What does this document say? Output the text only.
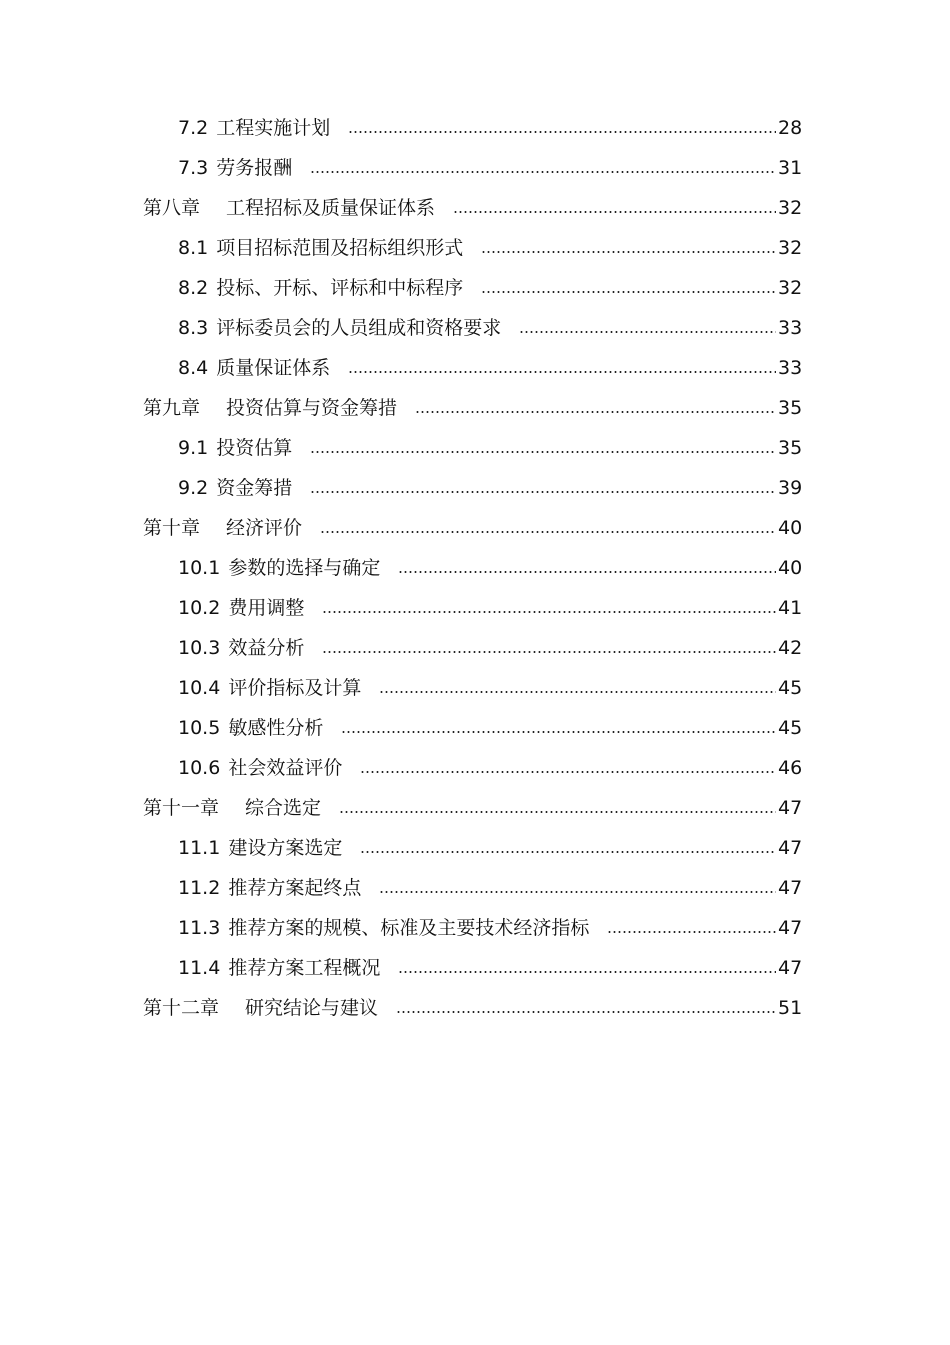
7.2 工程实施计划	28
7.3 劳务报酬	31
第八章 工程招标及质量保证体系	32
8.1 项目招标范围及招标组织形式	32
8.2 投标、开标、评标和中标程序	32
8.3 评标委员会的人员组成和资格要求	33
8.4 质量保证体系	33
第九章 投资估算与资金筹措	35
9.1 投资估算	35
9.2 资金筹措	39
第十章 经济评价	40
10.1 参数的选择与确定	40
10.2 费用调整	41
10.3 效益分析	42
10.4 评价指标及计算	45
10.5 敏感性分析	45
10.6 社会效益评价	46
第十一章 综合选定	47
11.1 建设方案选定	47
11.2 推荐方案起终点	47
11.3 推荐方案的规模、标准及主要技术经济指标	47
11.4 推荐方案工程概况	47
第十二章 研究结论与建议	51
